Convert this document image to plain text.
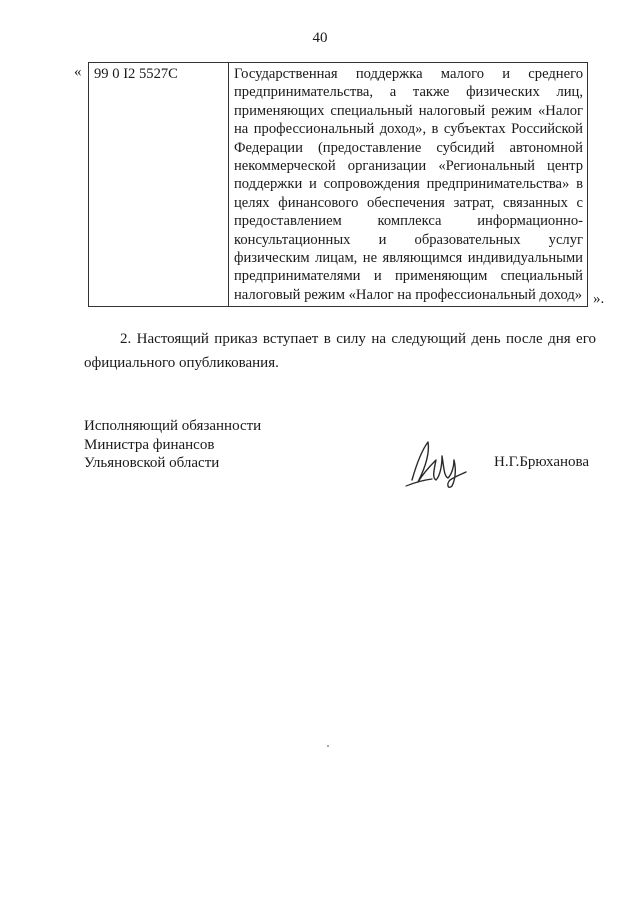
40
« 99 0 I2 5527C	Государственная поддержка малого и среднего предпринимательства, а также физических лиц, применяющих специальный налоговый режим «Налог на профессиональный доход», в субъектах Российской Федерации (предоставление субсидий автономной некоммерческой организации «Региональный центр поддержки и сопровождения предпринимательства» в целях финансового обеспечения затрат, связанных с предоставлением комплекса информационно-консультационных и образовательных услуг физическим лицам, не являющимся индивидуальными предпринимателями и применяющим специальный налоговый режим «Налог на профессиональный доход» ».
2. Настоящий приказ вступает в силу на следующий день после дня его официального опубликования.
Исполняющий обязанности
Министра финансов
Ульяновской области	Н.Г.Брюханова
